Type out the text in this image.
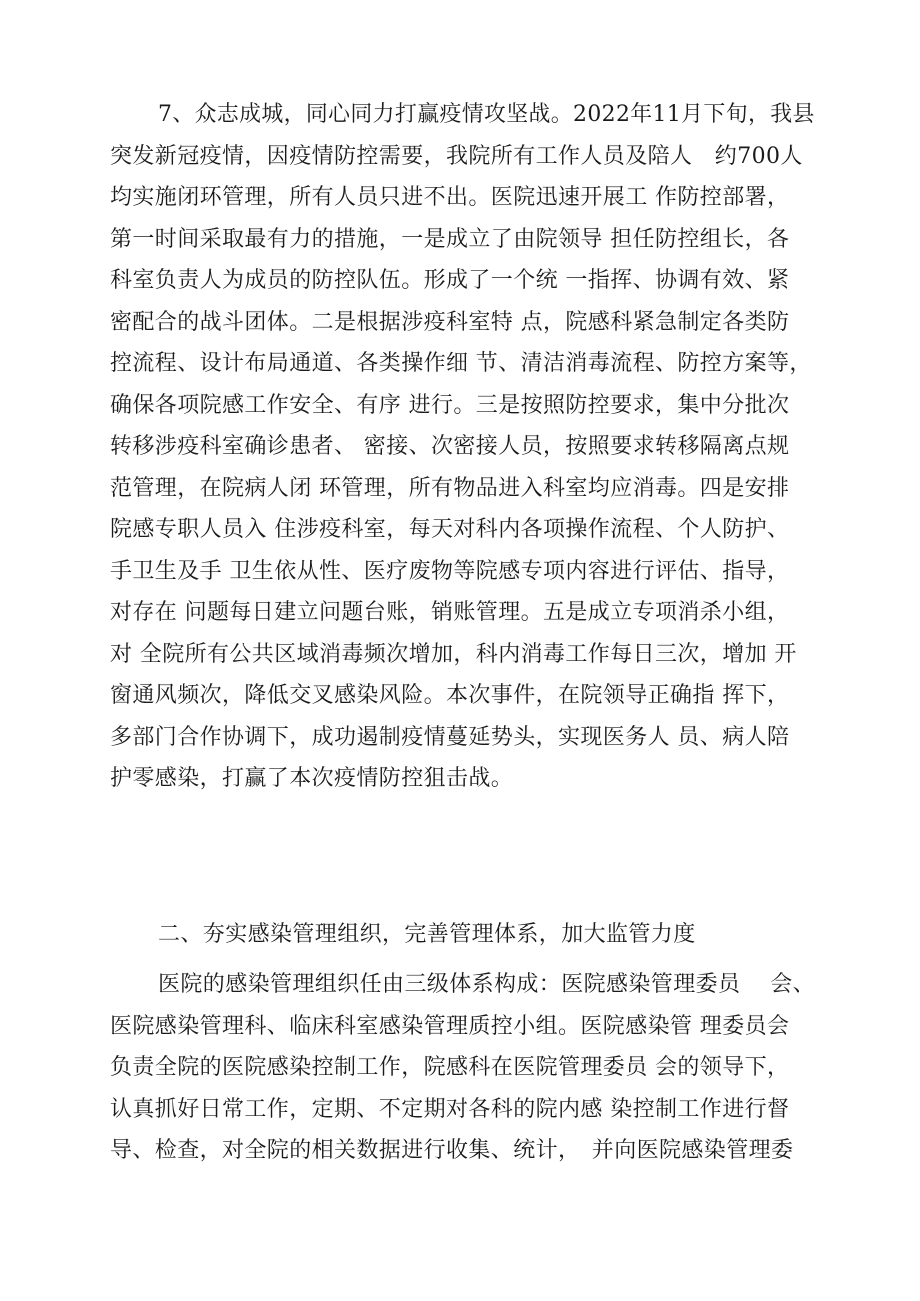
7、众志成城，同心同力打赢疫情攻坚战。2022年11月下旬，我县
突发新冠疫情，因疫情防控需要，我院所有工作人员及陪人　约700人
均实施闭环管理，所有人员只进不出。医院迅速开展工 作防控部署，
第一时间采取最有力的措施，一是成立了由院领导 担任防控组长，各
科室负责人为成员的防控队伍。形成了一个统 一指挥、协调有效、紧
密配合的战斗团体。二是根据涉疫科室特 点，院感科紧急制定各类防
控流程、设计布局通道、各类操作细 节、清洁消毒流程、防控方案等，
确保各项院感工作安全、有序 进行。三是按照防控要求，集中分批次
转移涉疫科室确诊患者、 密接、次密接人员，按照要求转移隔离点规
范管理，在院病人闭 环管理，所有物品进入科室均应消毒。四是安排
院感专职人员入 住涉疫科室，每天对科内各项操作流程、个人防护、
手卫生及手 卫生依从性、医疗废物等院感专项内容进行评估、指导，
对存在 问题每日建立问题台账，销账管理。五是成立专项消杀小组，
对 全院所有公共区域消毒频次增加，科内消毒工作每日三次，增加 开
窗通风频次，降低交叉感染风险。本次事件，在院领导正确指 挥下，
多部门合作协调下，成功遏制疫情蔓延势头，实现医务人 员、病人陪
护零感染，打赢了本次疫情防控狙击战。
二、夯实感染管理组织，完善管理体系，加大监管力度
医院的感染管理组织任由三级体系构成：医院感染管理委员　 会、
医院感染管理科、临床科室感染管理质控小组。医院感染管 理委员会
负责全院的医院感染控制工作，院感科在医院管理委员 会的领导下，
认真抓好日常工作，定期、不定期对各科的院内感 染控制工作进行督
导、检查，对全院的相关数据进行收集、统计，　并向医院感染管理委
